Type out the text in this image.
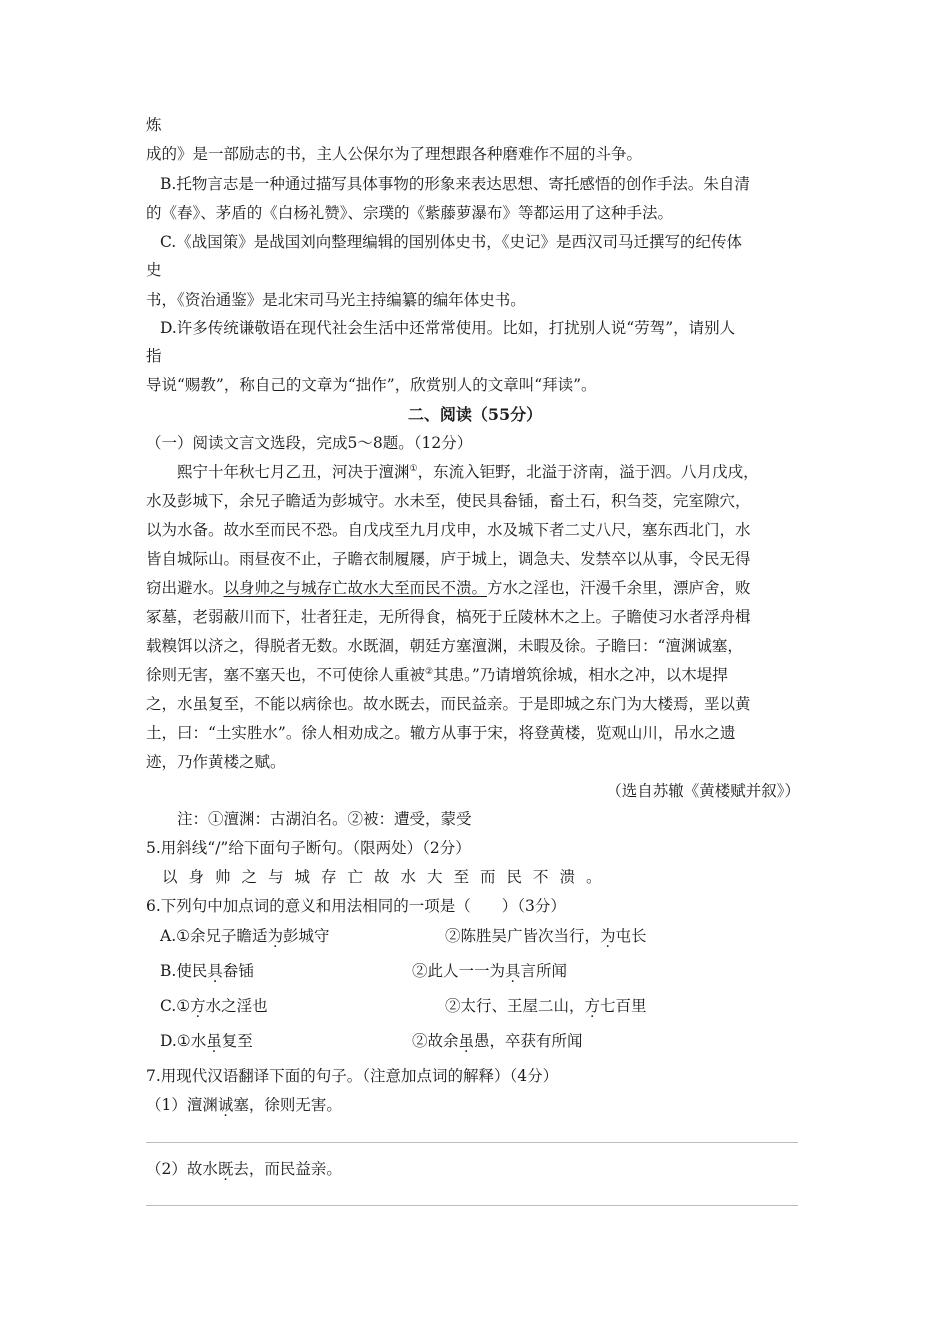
炼
成的》是一部励志的书，主人公保尔为了理想跟各种磨难作不屈的斗争。
B.托物言志是一种通过描写具体事物的形象来表达思想、寄托感悟的创作手法。朱自清
的《春》、茅盾的《白杨礼赞》、宗璞的《紫藤萝瀑布》等都运用了这种手法。
C.《战国策》是战国刘向整理编辑的国别体史书，《史记》是西汉司马迁撰写的纪传体
史
书，《资治通鉴》是北宋司马光主持编纂的编年体史书。
D.许多传统谦敬语在现代社会生活中还常常使用。比如，打扰别人说“劳驾”，请别人
指
导说“赐教”，称自己的文章为“拙作”，欣赏别人的文章叫“拜读”。
二、阅读（55分）
（一）阅读文言文选段，完成5～8题。（12分）
熙宁十年秋七月乙丑，河决于澶渊①，东流入钜野，北溢于济南，溢于泗。八月戊戌，
水及彭城下，余兄子瞻适为彭城守。水未至，使民具畚锸，畜土石，积刍茭，完室隙穴，
以为水备。故水至而民不恐。自戊戌至九月戊申，水及城下者二丈八尺，塞东西北门，水
皆自城际山。雨昼夜不止，子瞻衣制履屦，庐于城上，调急夫、发禁卒以从事，令民无得
窃出避水。以身帅之与城存亡故水大至而民不溃。方水之淫也，汗漫千余里，漂庐舍，败
冢墓，老弱蔽川而下，壮者狂走，无所得食，槁死于丘陵林木之上。子瞻使习水者浮舟楫
载糗饵以济之，得脱者无数。水既涸，朝廷方塞澶渊，未暇及徐。子瞻曰：“澶渊诚塞，
徐则无害，塞不塞天也，不可使徐人重被②其患。”乃请增筑徐城，相水之冲，以木堤捍
之，水虽复至，不能以病徐也。故水既去，而民益亲。于是即城之东门为大楼焉，垩以黄
土，曰：“土实胜水”。徐人相劝成之。辙方从事于宋，将登黄楼，览观山川，吊水之遗
迹，乃作黄楼之赋。
（选自苏辙《黄楼赋并叙》）
注：①澶渊：古湖泊名。②被：遭受，蒙受
5.用斜线“/”给下面句子断句。（限两处）（2分）
以身帅之与城存亡故水大至而民不溃。
6.下列句中加点词的意义和用法相同的一项是（　　）（3分）
A.①余兄子瞻适为彭城守	②陈胜吴广皆次当行，为屯长
B.使民具畚锸	②此人一一为具言所闻
C.①方水之淫也	②太行、王屋二山，方七百里
D.①水虽复至	②故余虽愚，卒获有所闻
7.用现代汉语翻译下面的句子。（注意加点词的解释）（4分）
（1）澶渊诚塞，徐则无害。
（2）故水既去，而民益亲。
